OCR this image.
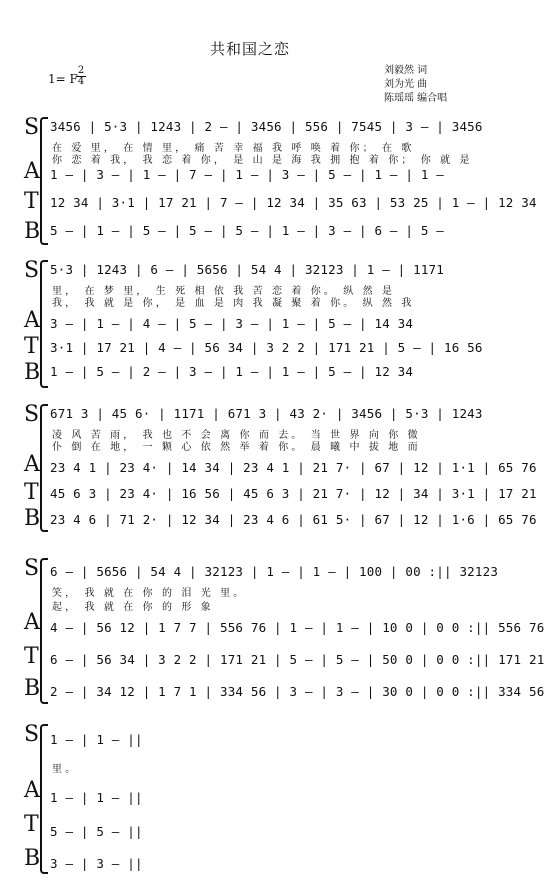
共和国之恋
1= F
$\frac{2}{4}$	刘毅然 词
刘为光 曲
陈瑶瑶 编合唱
S
A
T
B
3456 | 5·3 | 1243 | 2 — | 3456 | 556 | 7545 | 3 — | 3456
在 爱 里， 在 情 里， 痛 苦 幸 福 我 呼 唤 着 你； 在 歌
你 恋 着 我， 我 恋 着 你， 是 山 是 海 我 拥 抱 着 你； 你 就 是
1 — | 3 — | 1 — | 7 — | 1 — | 3 — | 5 — | 1 — | 1 —
12 34 | 3·1 | 17 21 | 7 — | 12 34 | 35 63 | 53 25 | 1 — | 12 34
5 — | 1 — | 5 — | 5 — | 5 — | 1 — | 3 — | 6 — | 5 —
S
A
T
B
5·3 | 1243 | 6 — | 5656 | 54 4 | 32123 | 1 — | 1171
里， 在 梦 里， 生 死 相 依 我 苦 恋 着 你。 纵 然 是
我， 我 就 是 你， 是 血 是 肉 我 凝 聚 着 你。 纵 然 我
3 — | 1 — | 4 — | 5 — | 3 — | 1 — | 5 — | 14 34
3·1 | 17 21 | 4 — | 56 34 | 3 2 2 | 171 21 | 5 — | 16 56
1 — | 5 — | 2 — | 3 — | 1 — | 1 — | 5 — | 12 34
S
A
T
B
671 3 | 45 6· | 1171 | 671 3 | 43 2· | 3456 | 5·3 | 1243
凌 风 苦 雨， 我 也 不 会 离 你 而 去。 当 世 界 向 你 微
仆 倒 在 地， 一 颗 心 依 然 举 着 你。 晨 曦 中 拔 地 而
23 4 1 | 23 4· | 14 34 | 23 4 1 | 21 7· | 67 | 12 | 1·1 | 65 76
45 6 3 | 23 4· | 16 56 | 45 6 3 | 21 7· | 12 | 34 | 3·1 | 17 21
23 4 6 | 71 2· | 12 34 | 23 4 6 | 61 5· | 67 | 12 | 1·6 | 65 76
S
A
T
B
6 — | 5656 | 54 4 | 32123 | 1 — | 1 — | 100 | 00 :|| 32123
笑， 我 就 在 你 的 泪 光 里。
起， 我 就 在 你 的 形 象
4 — | 56 12 | 1 7 7 | 556 76 | 1 — | 1 — | 10 0 | 0 0 :|| 556 76
6 — | 56 34 | 3 2 2 | 171 21 | 5 — | 5 — | 50 0 | 0 0 :|| 171 21
2 — | 34 12 | 1 7 1 | 334 56 | 3 — | 3 — | 30 0 | 0 0 :|| 334 56
S
A
T
B
1 — | 1 — ||
里。
1 — | 1 — ||
5 — | 5 — ||
3 — | 3 — ||
